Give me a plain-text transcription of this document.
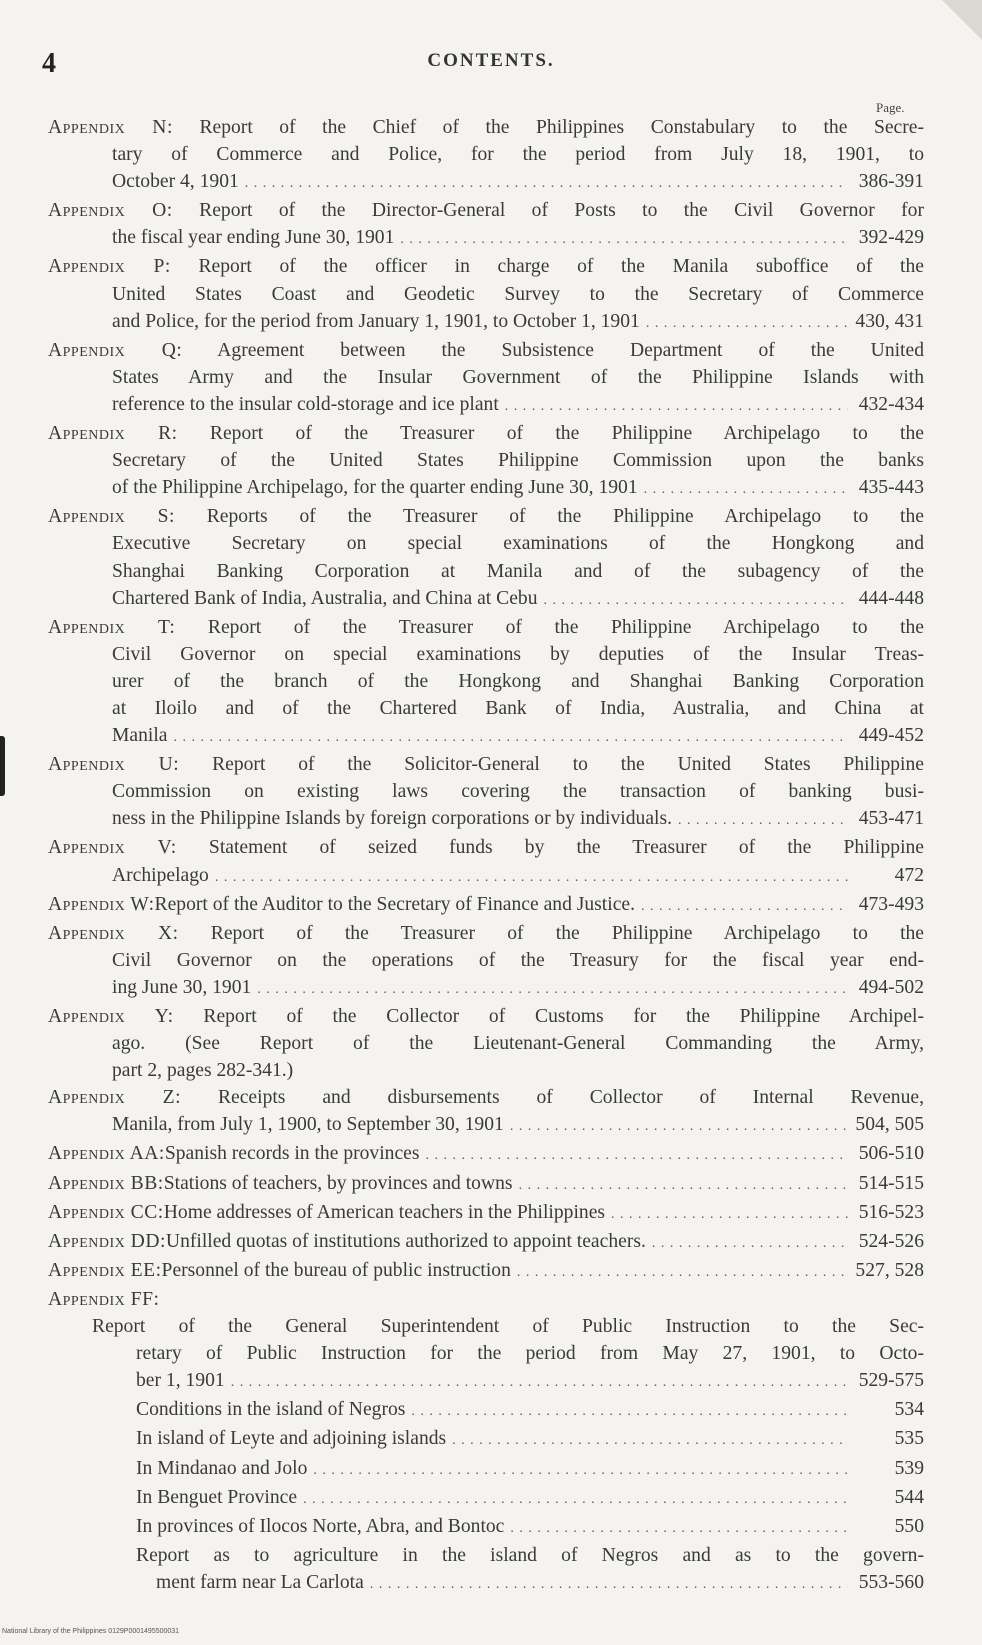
4	CONTENTS.
Page.
Appendix N: Report of the Chief of the Philippines Constabulary to the Secre-
tary of Commerce and Police, for the period from July 18, 1901, to
October 4, 1901 . . .	386-391
Appendix O: Report of the Director-General of Posts to the Civil Governor for
the fiscal year ending June 30, 1901 . . .	392-429
Appendix P: Report of the officer in charge of the Manila suboffice of the
United States Coast and Geodetic Survey to the Secretary of Commerce
and Police, for the period from January 1, 1901, to October 1, 1901 . . .	430, 431
Appendix Q: Agreement between the Subsistence Department of the United
States Army and the Insular Government of the Philippine Islands with
reference to the insular cold-storage and ice plant . . .	432-434
Appendix R: Report of the Treasurer of the Philippine Archipelago to the
Secretary of the United States Philippine Commission upon the banks
of the Philippine Archipelago, for the quarter ending June 30, 1901 . . .	435-443
Appendix S: Reports of the Treasurer of the Philippine Archipelago to the
Executive Secretary on special examinations of the Hongkong and
Shanghai Banking Corporation at Manila and of the subagency of the
Chartered Bank of India, Australia, and China at Cebu . . .	444-448
Appendix T: Report of the Treasurer of the Philippine Archipelago to the
Civil Governor on special examinations by deputies of the Insular Treas-
urer of the branch of the Hongkong and Shanghai Banking Corporation
at Iloilo and of the Chartered Bank of India, Australia, and China at
Manila . . .	449-452
Appendix U: Report of the Solicitor-General to the United States Philippine
Commission on existing laws covering the transaction of banking busi-
ness in the Philippine Islands by foreign corporations or by individuals. . . .	453-471
Appendix V: Statement of seized funds by the Treasurer of the Philippine
Archipelago . . .	472
Appendix W: Report of the Auditor to the Secretary of Finance and Justice. . . .	473-493
Appendix X: Report of the Treasurer of the Philippine Archipelago to the
Civil Governor on the operations of the Treasury for the fiscal year end-
ing June 30, 1901 . . .	494-502
Appendix Y: Report of the Collector of Customs for the Philippine Archipel-
ago. (See Report of the Lieutenant-General Commanding the Army,
part 2, pages 282-341.)
Appendix Z: Receipts and disbursements of Collector of Internal Revenue,
Manila, from July 1, 1900, to September 30, 1901 . . .	504, 505
Appendix AA: Spanish records in the provinces . . .	506-510
Appendix BB: Stations of teachers, by provinces and towns . . .	514-515
Appendix CC: Home addresses of American teachers in the Philippines . . .	516-523
Appendix DD: Unfilled quotas of institutions authorized to appoint teachers. . . .	524-526
Appendix EE: Personnel of the bureau of public instruction . . .	527, 528
Appendix FF:
Report of the General Superintendent of Public Instruction to the Sec-
retary of Public Instruction for the period from May 27, 1901, to Octo-
ber 1, 1901 . . .	529-575
Conditions in the island of Negros . . .	534
In island of Leyte and adjoining islands . . .	535
In Mindanao and Jolo . . .	539
In Benguet Province . . .	544
In provinces of Ilocos Norte, Abra, and Bontoc . . .	550
Report as to agriculture in the island of Negros and as to the govern-
ment farm near La Carlota . . .	553-560
National Library of the Philippines 0129P0001495500031
